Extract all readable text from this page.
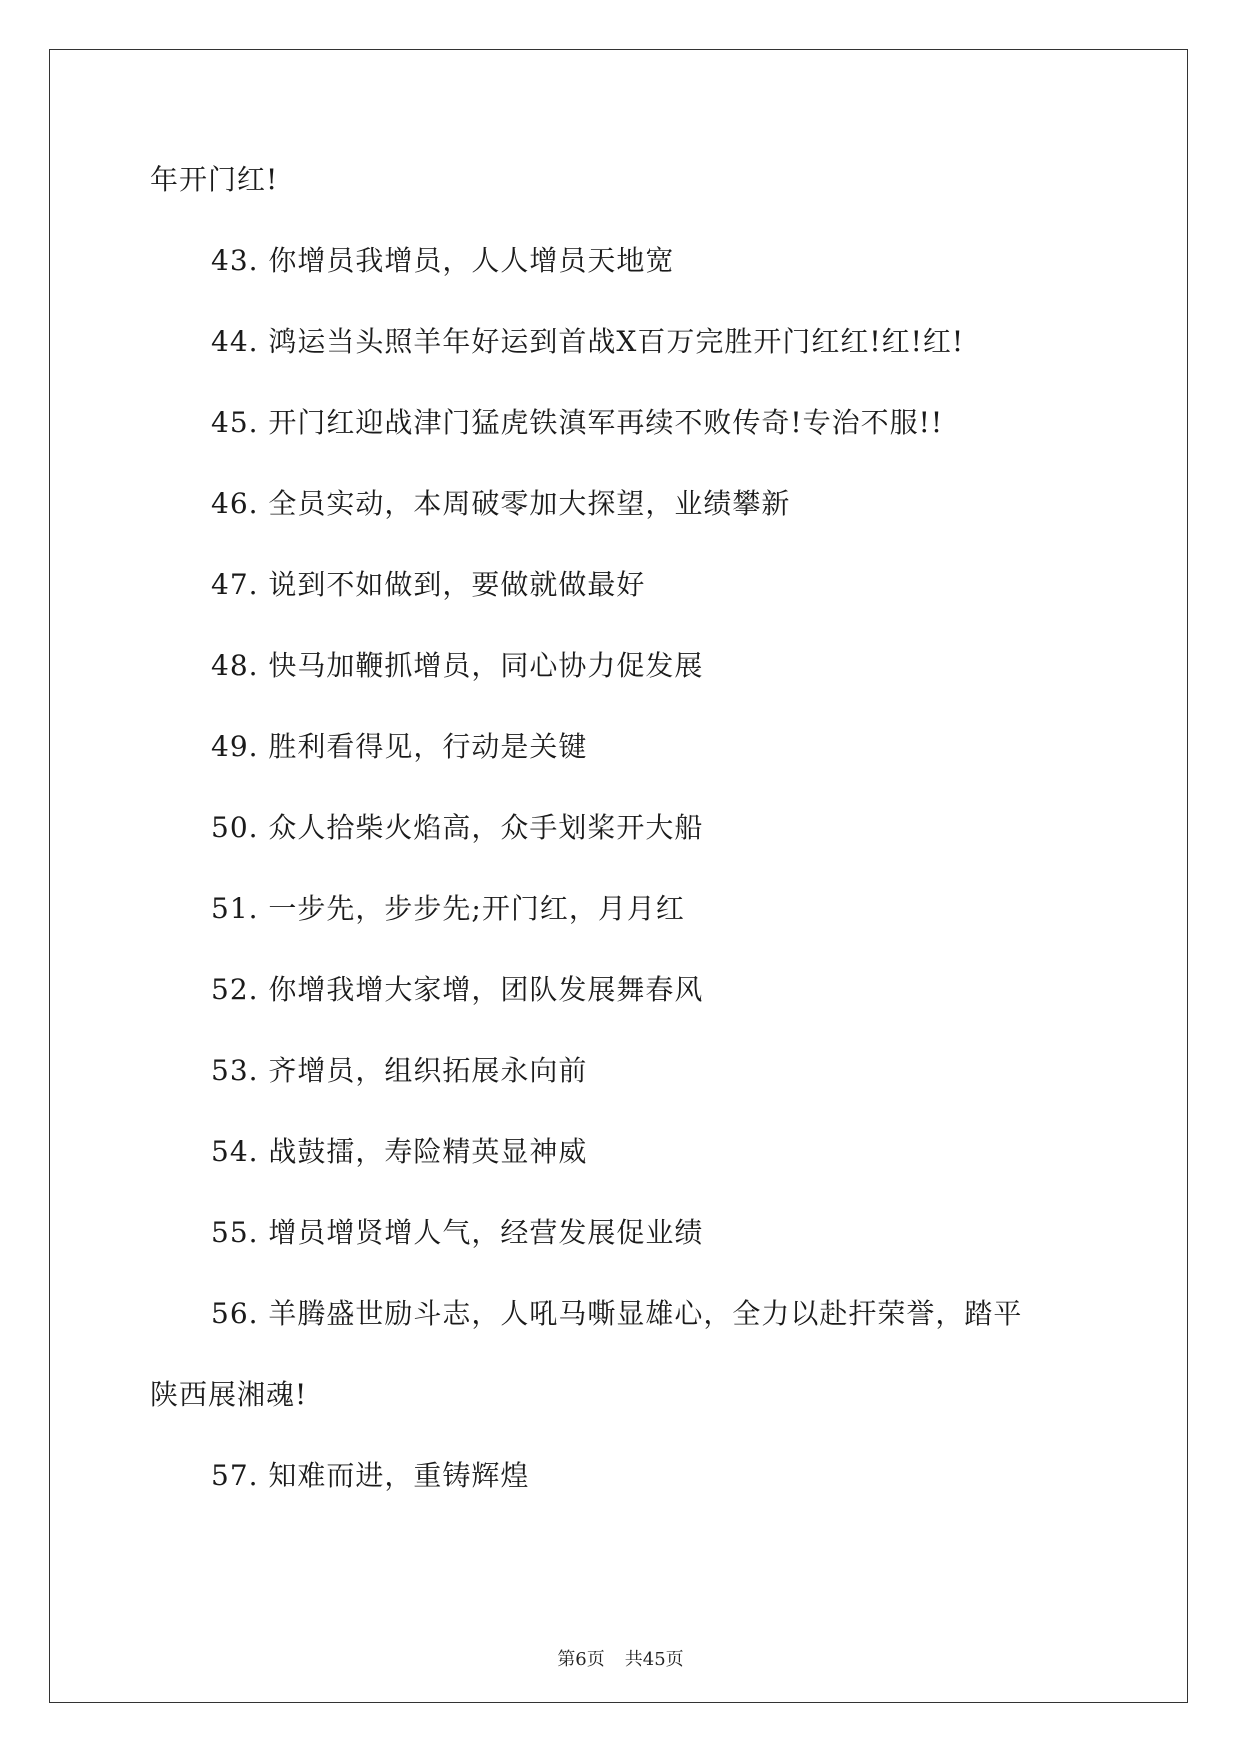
年开门红!
43. 你增员我增员，人人增员天地宽
44. 鸿运当头照羊年好运到首战X百万完胜开门红红!红!红!
45. 开门红迎战津门猛虎铁滇军再续不败传奇!专治不服!!
46. 全员实动，本周破零加大探望，业绩攀新
47. 说到不如做到，要做就做最好
48. 快马加鞭抓增员，同心协力促发展
49. 胜利看得见，行动是关键
50. 众人拾柴火焰高，众手划桨开大船
51. 一步先，步步先;开门红，月月红
52. 你增我增大家增，团队发展舞春风
53. 齐增员，组织拓展永向前
54. 战鼓擂，寿险精英显神威
55. 增员增贤增人气，经营发展促业绩
56. 羊腾盛世励斗志，人吼马嘶显雄心，全力以赴扞荣誉，踏平
陕西展湘魂!
57. 知难而进，重铸辉煌
第6页 共45页
